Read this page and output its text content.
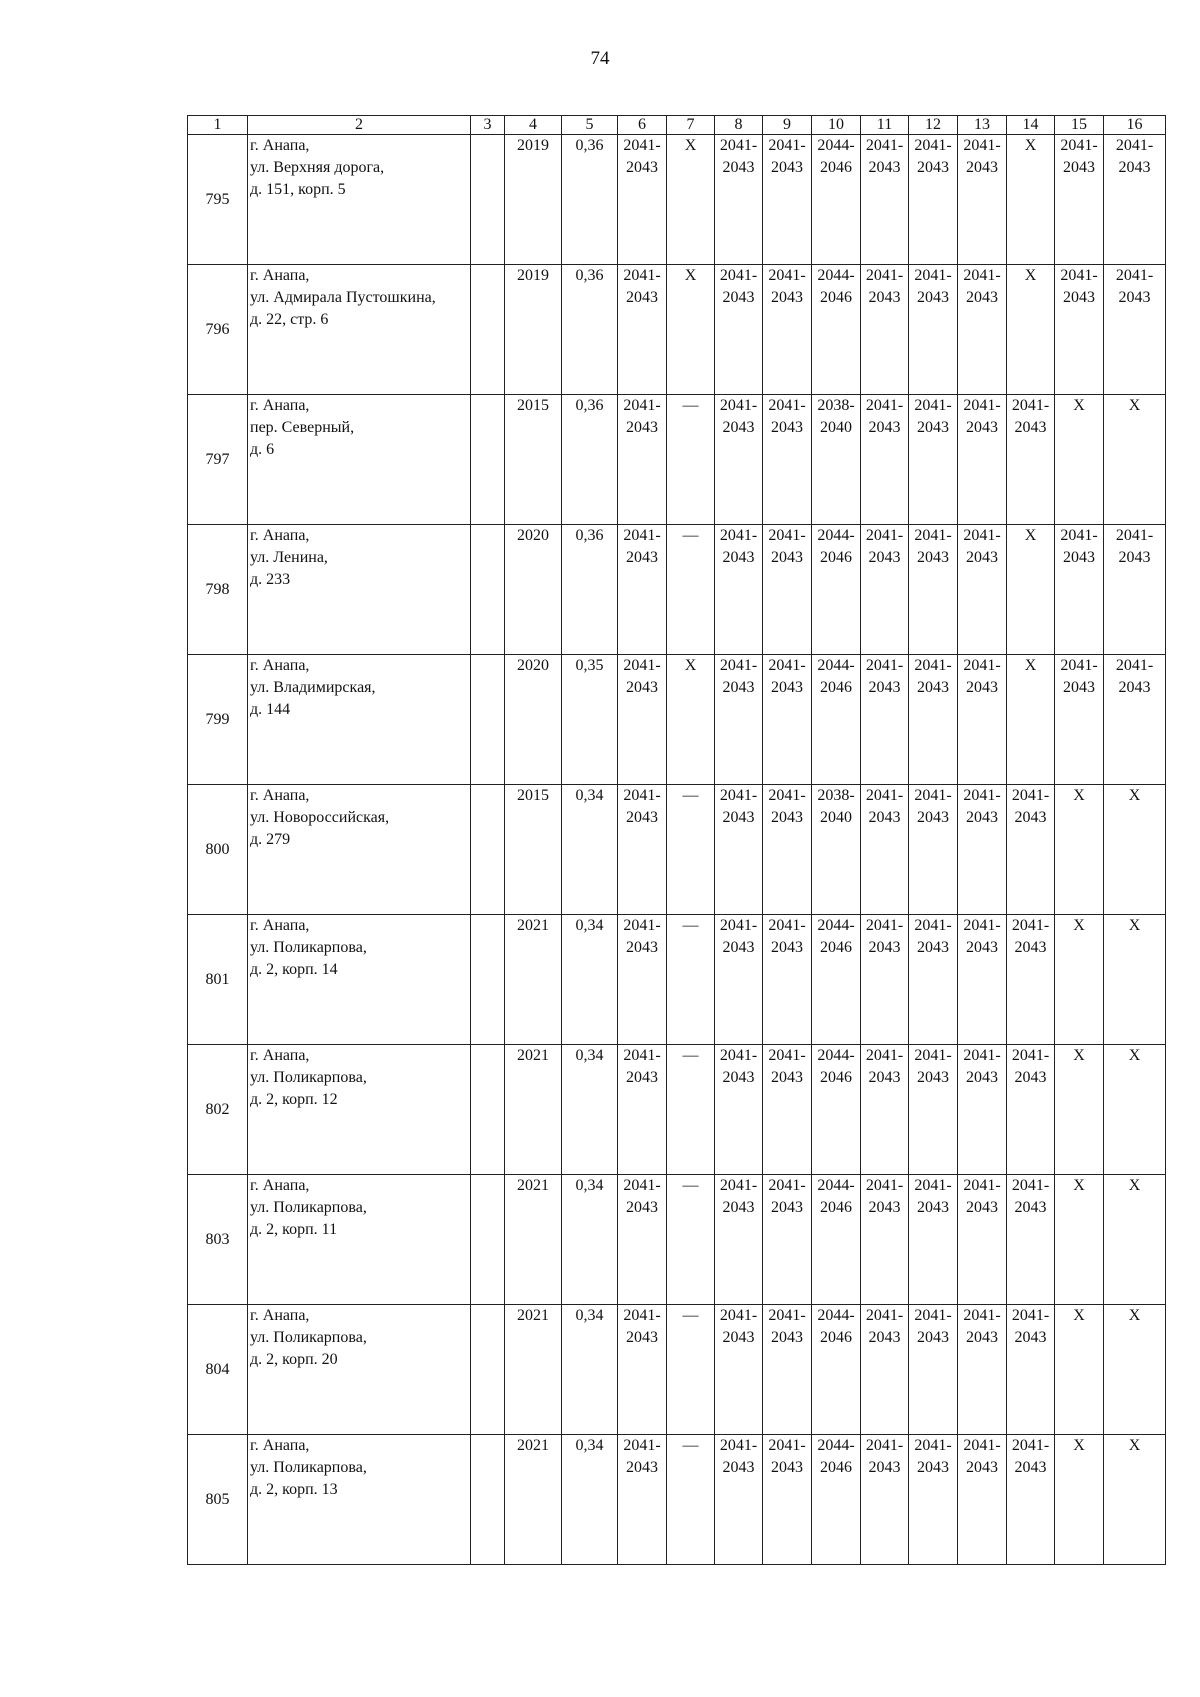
74
1	2	3	4	5	6	7	8	9	10	11	12	13	14	15	16
795	г. Анапа,
ул. Верхняя дорога,
д. 151, корп. 5		2019	0,36	2041-
2043	X	2041-
2043	2041-
2043	2044-
2046	2041-
2043	2041-
2043	2041-
2043	X	2041-
2043	2041-
2043

796	г. Анапа,
ул. Адмирала Пустошкина,
д. 22, стр. 6		2019	0,36	2041-
2043	X	2041-
2043	2041-
2043	2044-
2046	2041-
2043	2041-
2043	2041-
2043	X	2041-
2043	2041-
2043

797	г. Анапа,
пер. Северный,
д. 6		2015	0,36	2041-
2043	—	2041-
2043	2041-
2043	2038-
2040	2041-
2043	2041-
2043	2041-
2043	2041-
2043	X	X

798	г. Анапа,
ул. Ленина,
д. 233		2020	0,36	2041-
2043	—	2041-
2043	2041-
2043	2044-
2046	2041-
2043	2041-
2043	2041-
2043	X	2041-
2043	2041-
2043

799	г. Анапа,
ул. Владимирская,
д. 144		2020	0,35	2041-
2043	X	2041-
2043	2041-
2043	2044-
2046	2041-
2043	2041-
2043	2041-
2043	X	2041-
2043	2041-
2043

800	г. Анапа,
ул. Новороссийская,
д. 279		2015	0,34	2041-
2043	—	2041-
2043	2041-
2043	2038-
2040	2041-
2043	2041-
2043	2041-
2043	2041-
2043	X	X

801	г. Анапа,
ул. Поликарпова,
д. 2, корп. 14		2021	0,34	2041-
2043	—	2041-
2043	2041-
2043	2044-
2046	2041-
2043	2041-
2043	2041-
2043	2041-
2043	X	X

802	г. Анапа,
ул. Поликарпова,
д. 2, корп. 12		2021	0,34	2041-
2043	—	2041-
2043	2041-
2043	2044-
2046	2041-
2043	2041-
2043	2041-
2043	2041-
2043	X	X

803	г. Анапа,
ул. Поликарпова,
д. 2, корп. 11		2021	0,34	2041-
2043	—	2041-
2043	2041-
2043	2044-
2046	2041-
2043	2041-
2043	2041-
2043	2041-
2043	X	X

804	г. Анапа,
ул. Поликарпова,
д. 2, корп. 20		2021	0,34	2041-
2043	—	2041-
2043	2041-
2043	2044-
2046	2041-
2043	2041-
2043	2041-
2043	2041-
2043	X	X

805	г. Анапа,
ул. Поликарпова,
д. 2, корп. 13		2021	0,34	2041-
2043	—	2041-
2043	2041-
2043	2044-
2046	2041-
2043	2041-
2043	2041-
2043	2041-
2043	X	X
